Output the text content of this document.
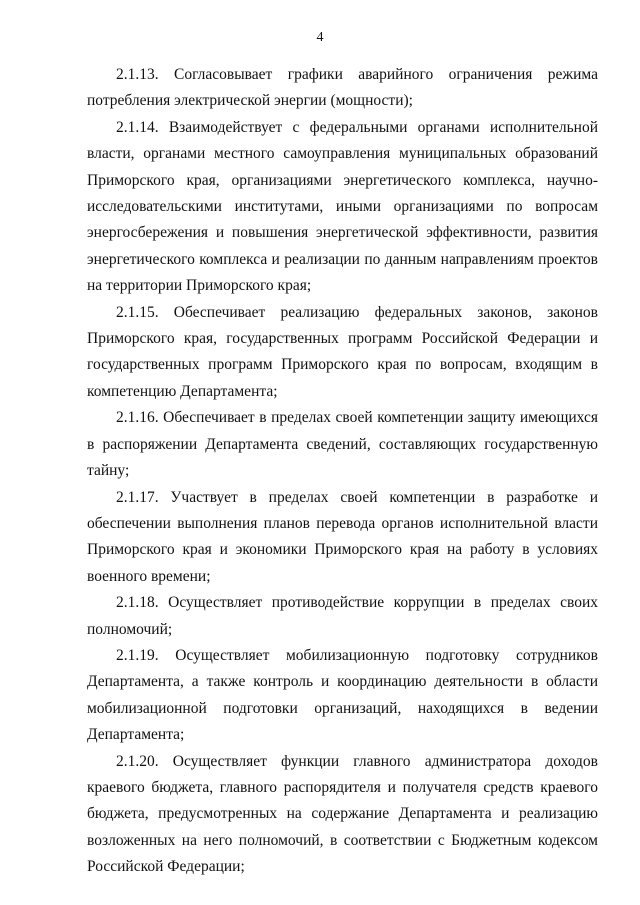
4

2.1.13. Согласовывает графики аварийного ограничения режима потребления электрической энергии (мощности);

2.1.14. Взаимодействует с федеральными органами исполнительной власти, органами местного самоуправления муниципальных образований Приморского края, организациями энергетического комплекса, научно-исследовательскими институтами, иными организациями по вопросам энергосбережения и повышения энергетической эффективности, развития энергетического комплекса и реализации по данным направлениям проектов на территории Приморского края;

2.1.15. Обеспечивает реализацию федеральных законов, законов Приморского края, государственных программ Российской Федерации и государственных программ Приморского края по вопросам, входящим в компетенцию Департамента;

2.1.16. Обеспечивает в пределах своей компетенции защиту имеющихся в распоряжении Департамента сведений, составляющих государственную тайну;

2.1.17. Участвует в пределах своей компетенции в разработке и обеспечении выполнения планов перевода органов исполнительной власти Приморского края и экономики Приморского края на работу в условиях военного времени;

2.1.18. Осуществляет противодействие коррупции в пределах своих полномочий;

2.1.19. Осуществляет мобилизационную подготовку сотрудников Департамента, а также контроль и координацию деятельности в области мобилизационной подготовки организаций, находящихся в ведении Департамента;

2.1.20. Осуществляет функции главного администратора доходов краевого бюджета, главного распорядителя и получателя средств краевого бюджета, предусмотренных на содержание Департамента и реализацию возложенных на него полномочий, в соответствии с Бюджетным кодексом Российской Федерации;
